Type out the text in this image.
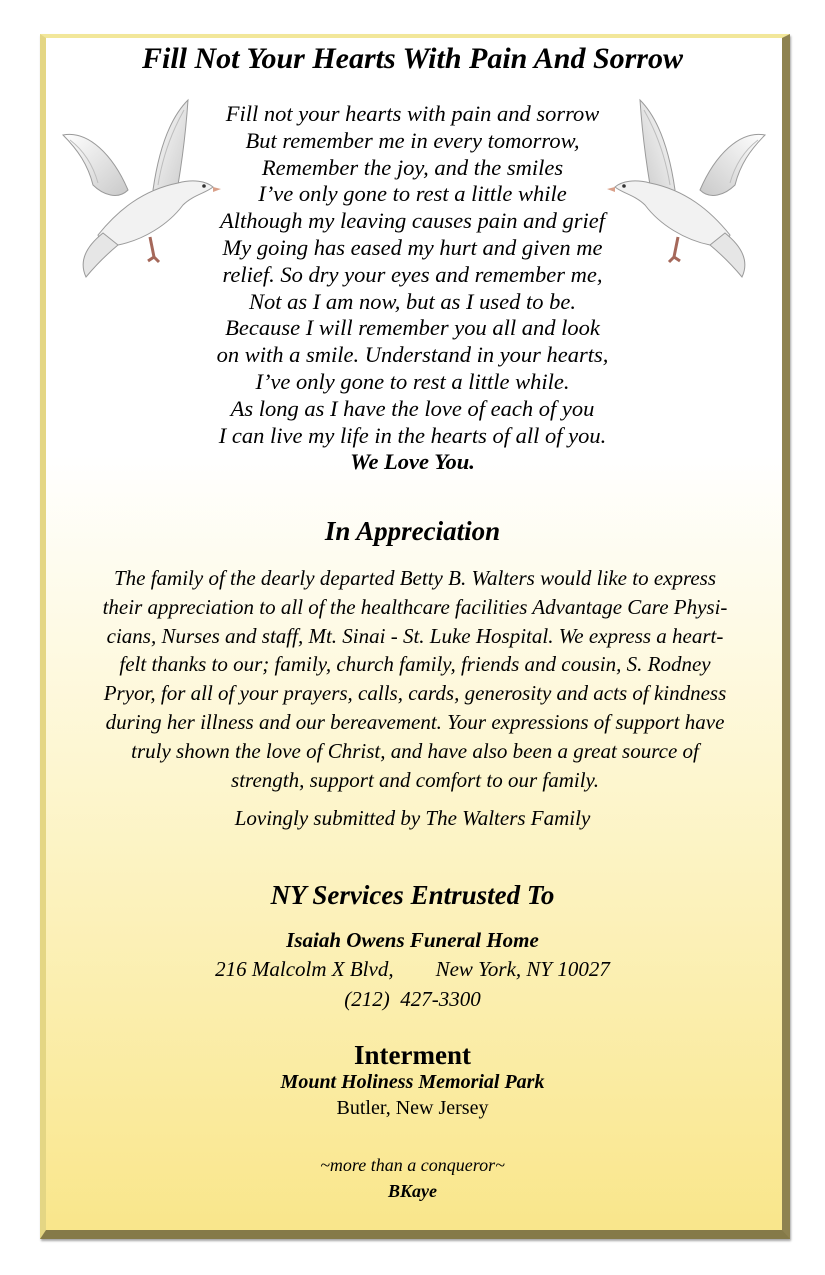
Fill Not Your Hearts With Pain And Sorrow
Fill not your hearts with pain and sorrow
But remember me in every tomorrow,
Remember the joy, and the smiles
I’ve only gone to rest a little while
Although my leaving causes pain and grief
My going has eased my hurt and given me
relief. So dry your eyes and remember me,
Not as I am now, but as I used to be.
Because I will remember you all and look
on with a smile. Understand in your hearts,
I’ve only gone to rest a little while.
As long as I have the love of each of you
I can live my life in the hearts of all of you.
We Love You.
In Appreciation
The family of the dearly departed Betty B. Walters would like to express
their appreciation to all of the healthcare facilities Advantage Care Physi-
cians, Nurses and staff, Mt. Sinai - St. Luke Hospital. We express a heart-
felt thanks to our; family, church family, friends and cousin, S. Rodney
Pryor, for all of your prayers, calls, cards, generosity and acts of kindness
during her illness and our bereavement. Your expressions of support have
truly shown the love of Christ, and have also been a great source of
strength, support and comfort to our family.
Lovingly submitted by The Walters Family
NY Services Entrusted To
Isaiah Owens Funeral Home
216 Malcolm X Blvd,        New York, NY 10027
(212)  427-3300
Interment
Mount Holiness Memorial Park
Butler, New Jersey
~more than a conqueror~
BKaye
